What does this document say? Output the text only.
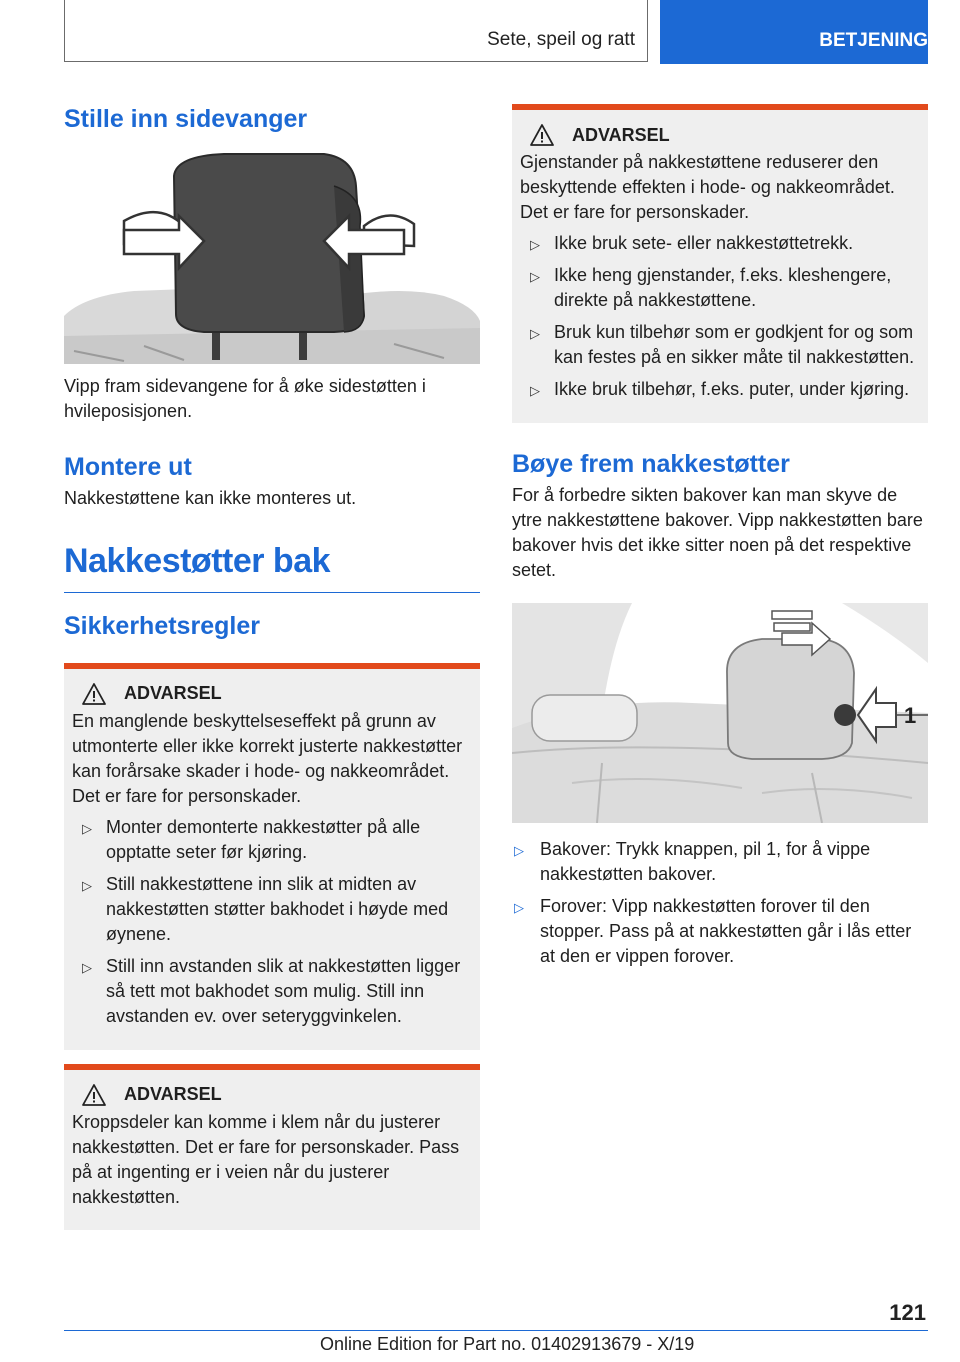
Sete, speil og ratt	BETJENING
Stille inn sidevanger

Vipp fram sidevangene for å øke sidestøtten i hvileposisjonen.

Montere ut

Nakkestøttene kan ikke monteres ut.

Nakkestøtter bak
Sikkerhetsregler
ADVARSEL

En manglende beskyttelseseffekt på grunn av utmonterte eller ikke korrekt justerte nakkestøtter kan forårsake skader i hode- og nakkeområdet. Det er fare for personskader.

▷ Monter demonterte nakkestøtter på alle opptatte seter før kjøring.
▷ Still nakkestøttene inn slik at midten av nakkestøtten støtter bakhodet i høyde med øynene.
▷ Still inn avstanden slik at nakkestøtten ligger så tett mot bakhodet som mulig. Still inn avstanden ev. over seteryggvinkelen.
ADVARSEL

Kroppsdeler kan komme i klem når du justerer nakkestøtten. Det er fare for personskader. Pass på at ingenting er i veien når du justerer nakkestøtten.

ADVARSEL

Gjenstander på nakkestøttene reduserer den beskyttende effekten i hode- og nakkeområdet. Det er fare for personskader.

▷ Ikke bruk sete- eller nakkestøttetrekk.
▷ Ikke heng gjenstander, f.eks. kleshengere, direkte på nakkestøttene.
▷ Bruk kun tilbehør som er godkjent for og som kan festes på en sikker måte til nakkestøtten.
▷ Ikke bruk tilbehør, f.eks. puter, under kjøring.
Bøye frem nakkestøtter

For å forbedre sikten bakover kan man skyve de ytre nakkestøttene bakover. Vipp nakkestøtten bare bakover hvis det ikke sitter noen på det respektive setet.

1
▷ Bakover: Trykk knappen, pil 1, for å vippe nakkestøtten bakover.
▷ Forover: Vipp nakkestøtten forover til den stopper. Pass på at nakkestøtten går i lås etter at den er vippen forover.
121
Online Edition for Part no. 01402913679 - X/19
